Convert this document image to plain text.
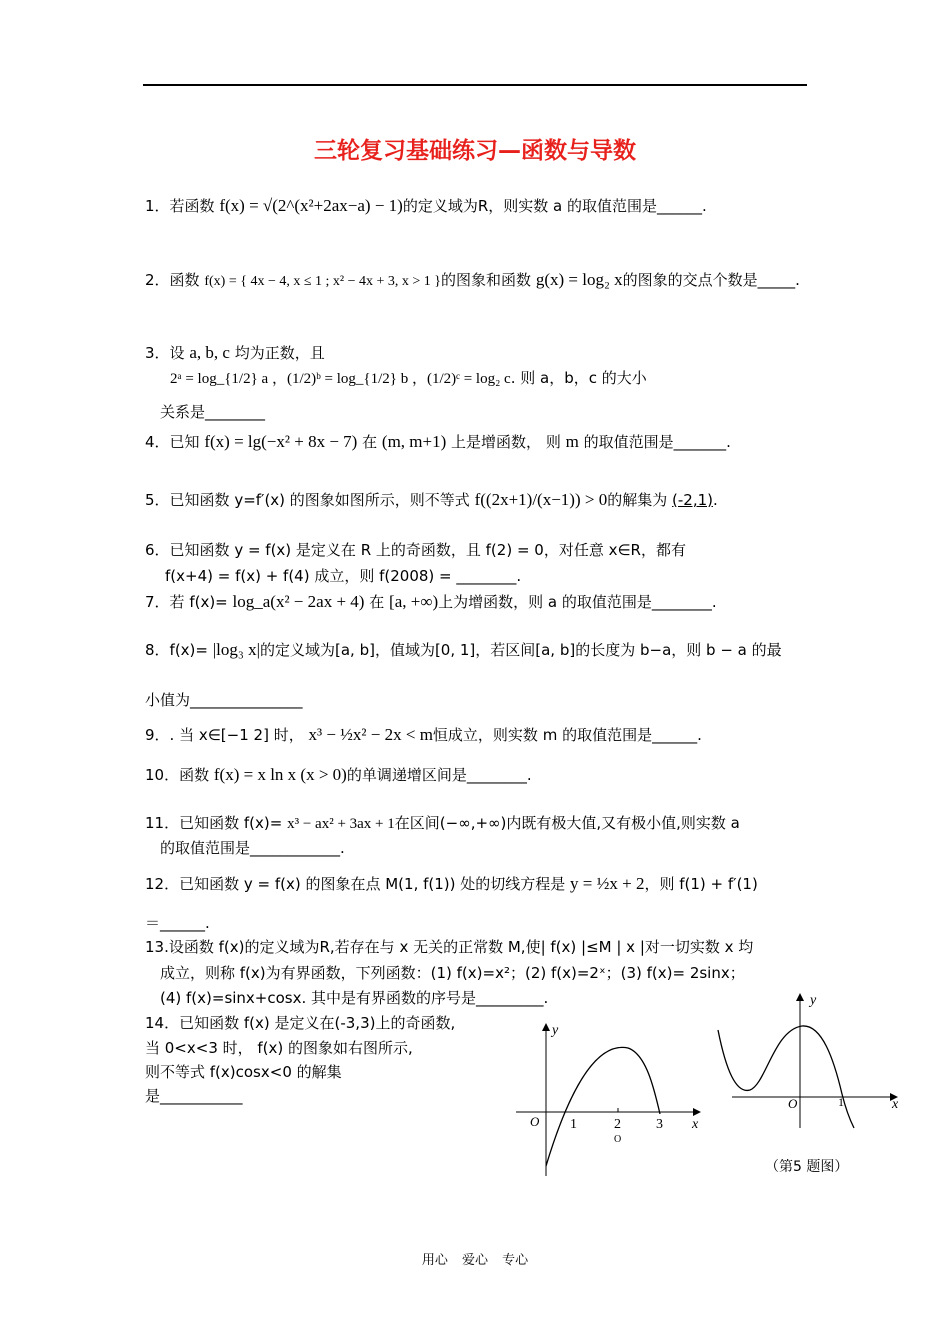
三轮复习基础练习—函数与导数
1．若函数 f(x) = √(2^(x²+2ax−a) − 1)的定义域为R，则实数 a 的取值范围是______.
2．函数 f(x) = { 4x − 4, x ≤ 1 ; x² − 4x + 3, x > 1 }的图象和函数 g(x) = log₂ x的图象的交点个数是_____.
3．设 a, b, c 均为正数，且
2ᵃ = log_{1/2} a ，(1/2)ᵇ = log_{1/2} b ，(1/2)ᶜ = log₂ c. 则 a，b，c 的大小
关系是________
4．已知 f(x) = lg(−x² + 8x − 7) 在 (m, m+1) 上是增函数， 则 m 的取值范围是_______.
5．已知函数 y=f′(x) 的图象如图所示，则不等式 f((2x+1)/(x−1)) > 0的解集为 (-2,1).
6．已知函数 y = f(x) 是定义在 R 上的奇函数，且 f(2) = 0，对任意 x∈R，都有
f(x+4) = f(x) + f(4) 成立，则 f(2008) = ________.
7．若 f(x)= log_a(x² − 2ax + 4) 在 [a, +∞)上为增函数，则 a 的取值范围是________.
8．f(x)= |log₃ x|的定义域为[a, b]，值域为[0, 1]，若区间[a, b]的长度为 b−a，则 b − a 的最
小值为_______________
9．. 当 x∈[−1 2] 时， x³ − ½x² − 2x < m恒成立，则实数 m 的取值范围是______.
10．函数 f(x) = x ln x (x > 0)的单调递增区间是________.
11．已知函数 f(x)= x³ − ax² + 3ax + 1在区间(−∞,+∞)内既有极大值,又有极小值,则实数 a
的取值范围是____________.
12．已知函数 y = f(x) 的图象在点 M(1, f(1)) 处的切线方程是 y = ½x + 2，则 f(1) + f′(1)
＝______.
13.设函数 f(x)的定义域为R,若存在与 x 无关的正常数 M,使| f(x) |≤M | x |对一切实数 x 均
成立，则称 f(x)为有界函数，下列函数：(1) f(x)=x²；(2) f(x)=2ˣ；(3) f(x)= 2sinx；
(4) f(x)=sinx+cosx. 其中是有界函数的序号是_________.
14．已知函数 f(x) 是定义在(-3,3)上的奇函数,
当 0<x<3 时， f(x) 的图象如右图所示,
则不等式 f(x)cosx<0 的解集
是___________
y
x
O 1	2	3
O
y
x
O	1
（第5 题图）
用心 爱心 专心
